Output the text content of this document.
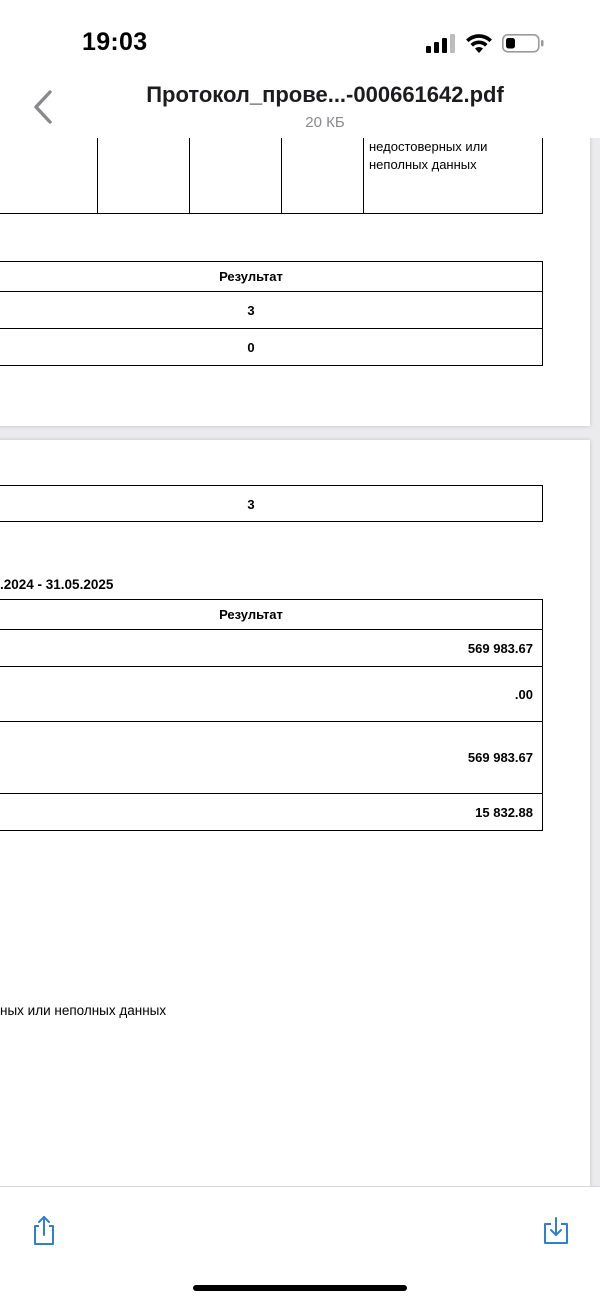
19:03
Протокол_прове...-000661642.pdf
20 КБ
недостоверных или
неполных данных
Результат
3
0
3
.2024 - 31.05.2025
Результат
569 983.67
.00
569 983.67
15 832.88
ных или неполных данных
